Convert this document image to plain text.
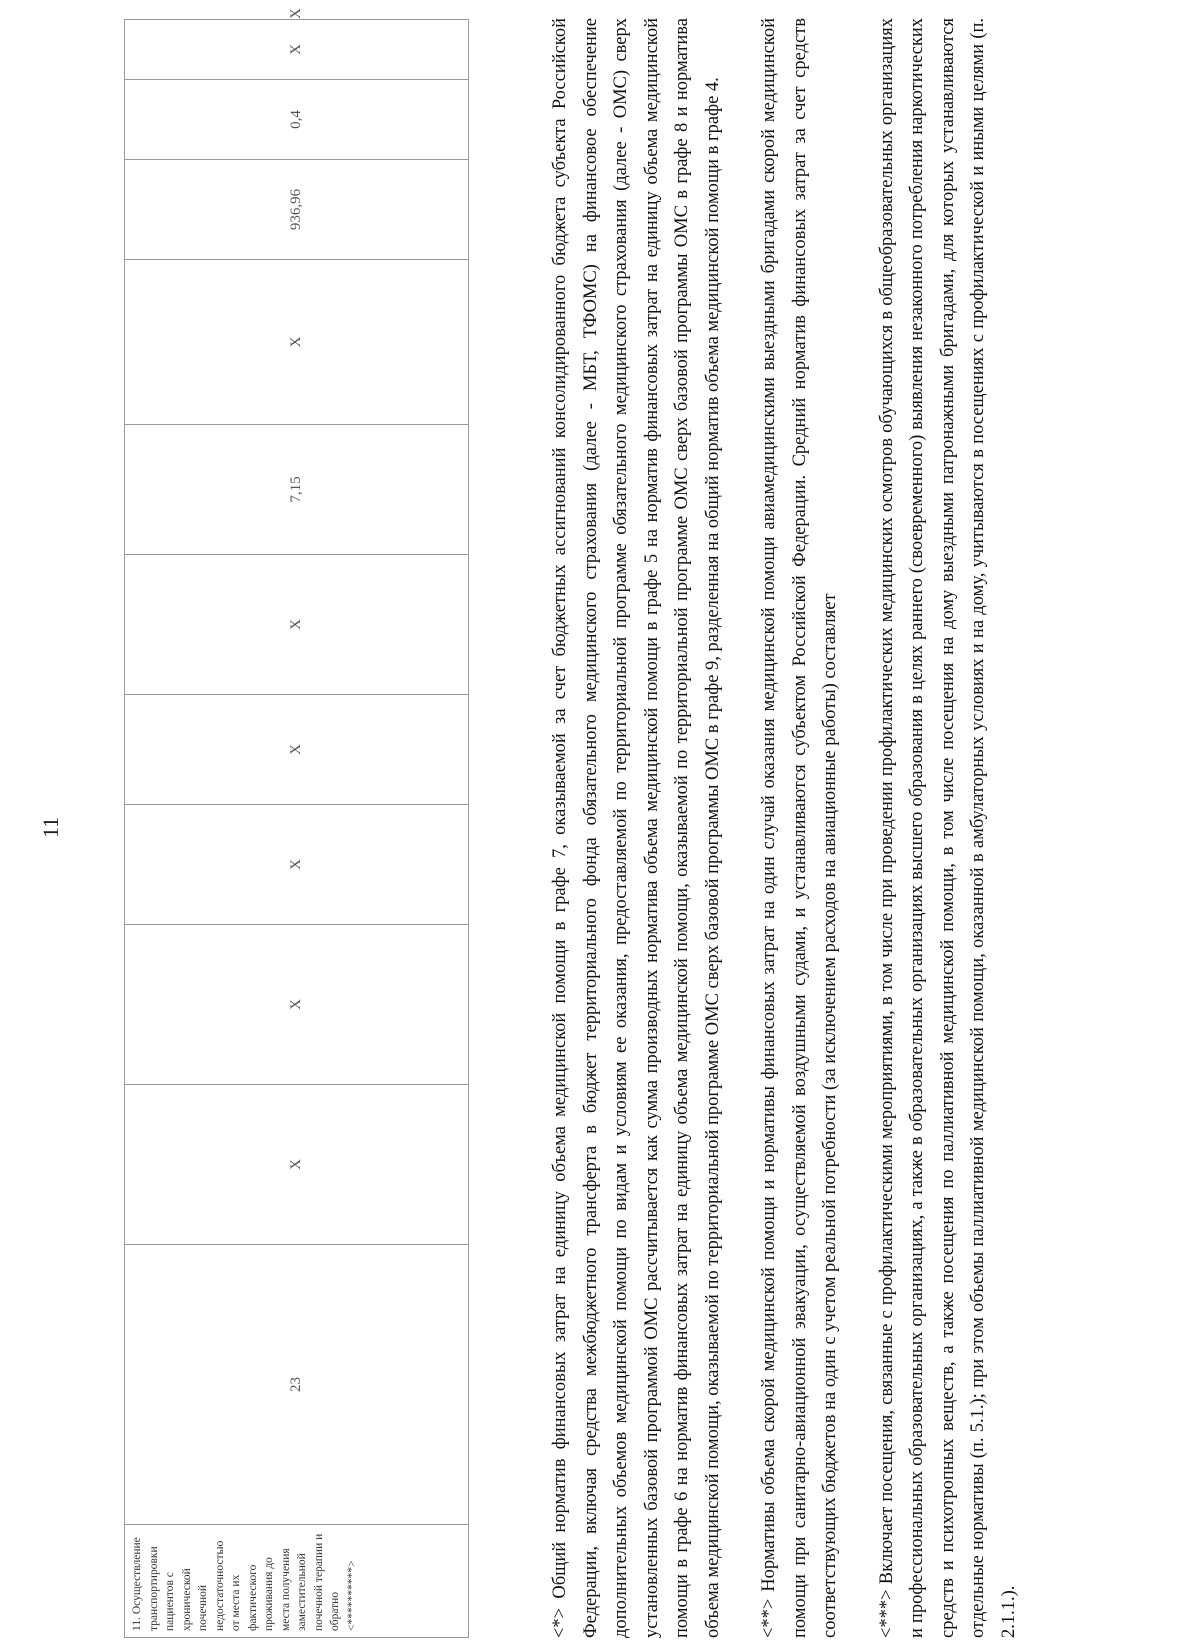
11
11. Осуществление транспортировки пациентов с хронической почечной недостаточностью от места их фактического проживания до места получения заместительной почечной терапии и обратно <**********>	23	Х	Х	Х	Х	Х	7,15	Х	936,96	0,4	Х	Х

<*> Общий норматив финансовых затрат на единицу объема медицинской помощи в графе 7, оказываемой за счет бюджетных ассигнований консолидированного бюджета субъекта Российской Федерации, включая средства межбюджетного трансферта в бюджет территориального фонда обязательного медицинского страхования (далее - МБТ, ТФОМС) на финансовое обеспечение дополнительных объемов медицинской помощи по видам и условиям ее оказания, предоставляемой по территориальной программе обязательного медицинского страхования (далее - ОМС) сверх установленных базовой программой ОМС рассчитывается как сумма производных норматива объема медицинской помощи в графе 5 на норматив финансовых затрат на единицу объема медицинской помощи в графе 6 на норматив финансовых затрат на единицу объема медицинской помощи, оказываемой по территориальной программе ОМС сверх базовой программы ОМС в графе 8 и норматива объема медицинской помощи, оказываемой по территориальной программе ОМС сверх базовой программы ОМС в графе 9, разделенная на общий норматив объема медицинской помощи в графе 4. <**> Нормативы объема скорой медицинской помощи и нормативы финансовых затрат на один случай оказания медицинской помощи авиамедицинскими выездными бригадами скорой медицинской помощи при санитарно-авиационной эвакуации, осуществляемой воздушными судами, и устанавливаются субъектом Российской Федерации. Средний норматив финансовых затрат за счет средств соответствующих бюджетов на один с учетом реальной потребности (за исключением расходов на авиационные работы) составляет <***> Включает посещения, связанные с профилактическими мероприятиями, в том числе при проведении профилактических медицинских осмотров обучающихся в общеобразовательных организациях и профессиональных образовательных организациях, а также в образовательных организациях высшего образования в целях раннего (своевременного) выявления незаконного потребления наркотических средств и психотропных веществ, а также посещения по паллиативной медицинской помощи, в том числе посещения на дому выездными патронажными бригадами, для которых устанавливаются отдельные нормативы (п. 5.1.); при этом объемы паллиативной медицинской помощи, оказанной в амбулаторных условиях и на дому, учитываются в посещениях с профилактической и иными целями (п. 2.1.1.).
